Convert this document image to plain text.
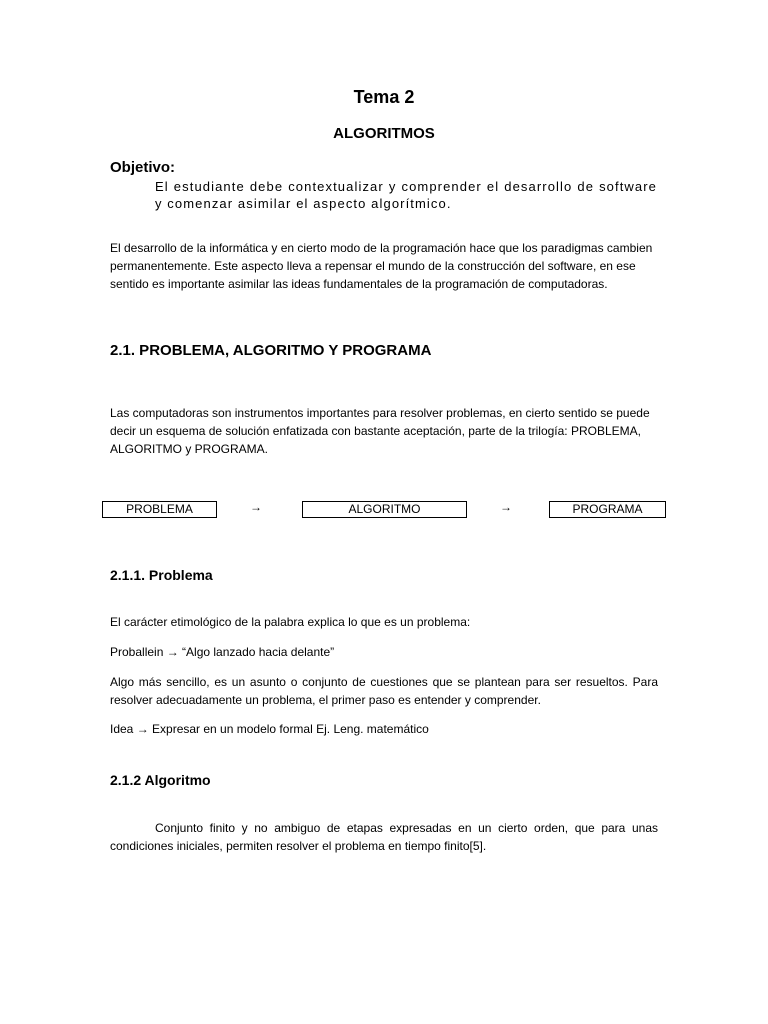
Tema 2
ALGORITMOS
Objetivo:
El estudiante debe contextualizar y comprender el desarrollo de software y comenzar asimilar el aspecto algorítmico.
El desarrollo de la informática y en cierto modo de la programación hace que los paradigmas cambien permanentemente. Este aspecto lleva a repensar el mundo de la construcción del software, en ese sentido es importante asimilar las ideas fundamentales de la programación de computadoras.
2.1. PROBLEMA, ALGORITMO Y PROGRAMA
Las computadoras son instrumentos importantes para resolver problemas, en cierto sentido se puede decir un esquema de solución enfatizada con bastante aceptación, parte de la trilogía: PROBLEMA, ALGORITMO y PROGRAMA.
PROBLEMA	→	ALGORITMO	→	PROGRAMA
2.1.1. Problema
El carácter etimológico de la palabra explica lo que es un problema:
Proballein → “Algo lanzado hacia delante”
Algo más sencillo, es un asunto o conjunto de cuestiones que se plantean para ser resueltos. Para resolver adecuadamente un problema, el primer paso es entender y comprender.
Idea → Expresar en un modelo formal Ej. Leng. matemático
2.1.2 Algoritmo
Conjunto finito y no ambiguo de etapas expresadas en un cierto orden, que para unas condiciones iniciales, permiten resolver el problema en tiempo finito[5].
